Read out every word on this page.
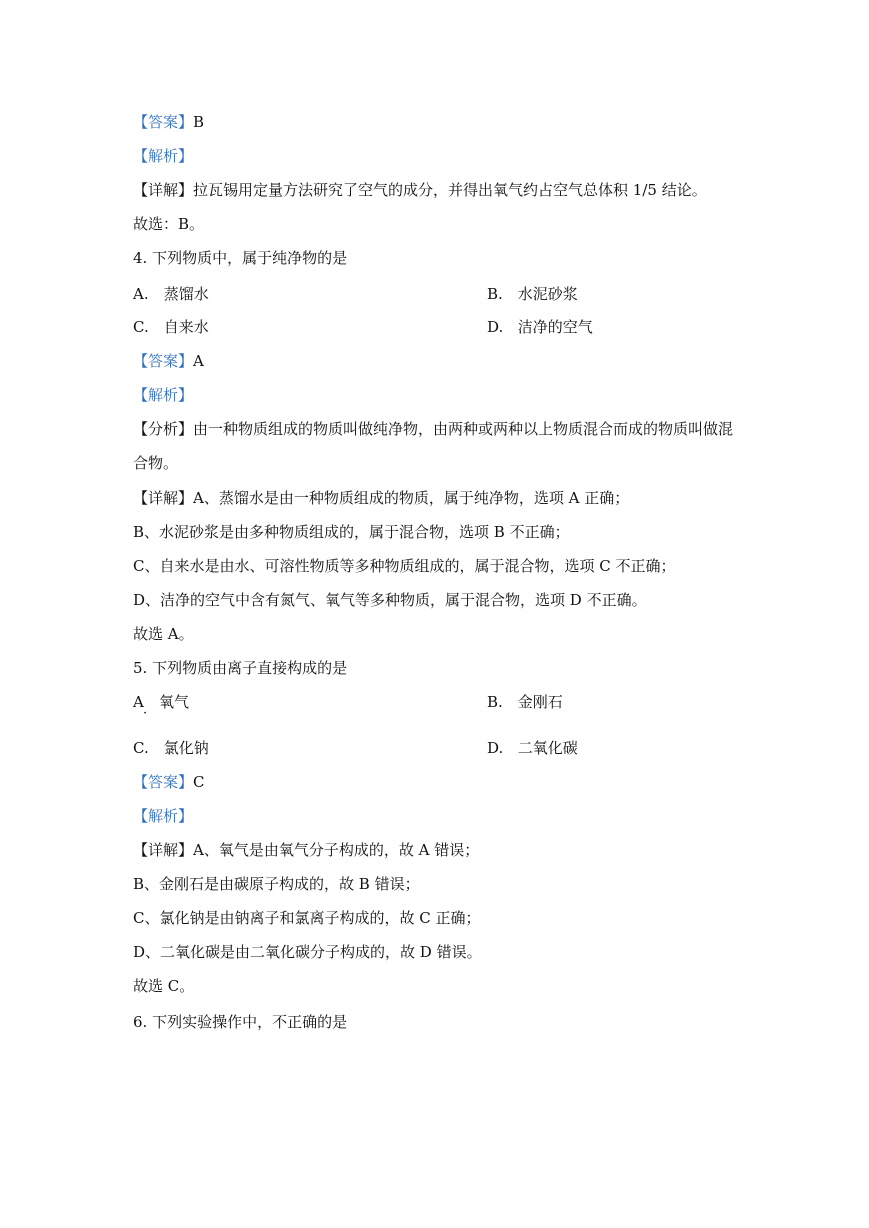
【答案】B
【解析】
【详解】拉瓦锡用定量方法研究了空气的成分，并得出氧气约占空气总体积 1/5 结论。
故选：B。
4. 下列物质中，属于纯净物的是
A. 蒸馏水	B. 水泥砂浆
C. 自来水	D. 洁净的空气
【答案】A
【解析】
【分析】由一种物质组成的物质叫做纯净物，由两种或两种以上物质混合而成的物质叫做混
合物。
【详解】A、蒸馏水是由一种物质组成的物质，属于纯净物，选项 A 正确；
B、水泥砂浆是由多种物质组成的，属于混合物，选项 B 不正确；
C、自来水是由水、可溶性物质等多种物质组成的，属于混合物，选项 C 不正确；
D、洁净的空气中含有氮气、氧气等多种物质，属于混合物，选项 D 不正确。
故选 A。
5. 下列物质由离子直接构成的是
A · 氧气	B. 金刚石
C. 氯化钠	D. 二氧化碳
【答案】C
【解析】
【详解】A、氧气是由氧气分子构成的，故 A 错误；
B、金刚石是由碳原子构成的，故 B 错误；
C、氯化钠是由钠离子和氯离子构成的，故 C 正确；
D、二氧化碳是由二氧化碳分子构成的，故 D 错误。
故选 C。
6. 下列实验操作中，不正确的是
